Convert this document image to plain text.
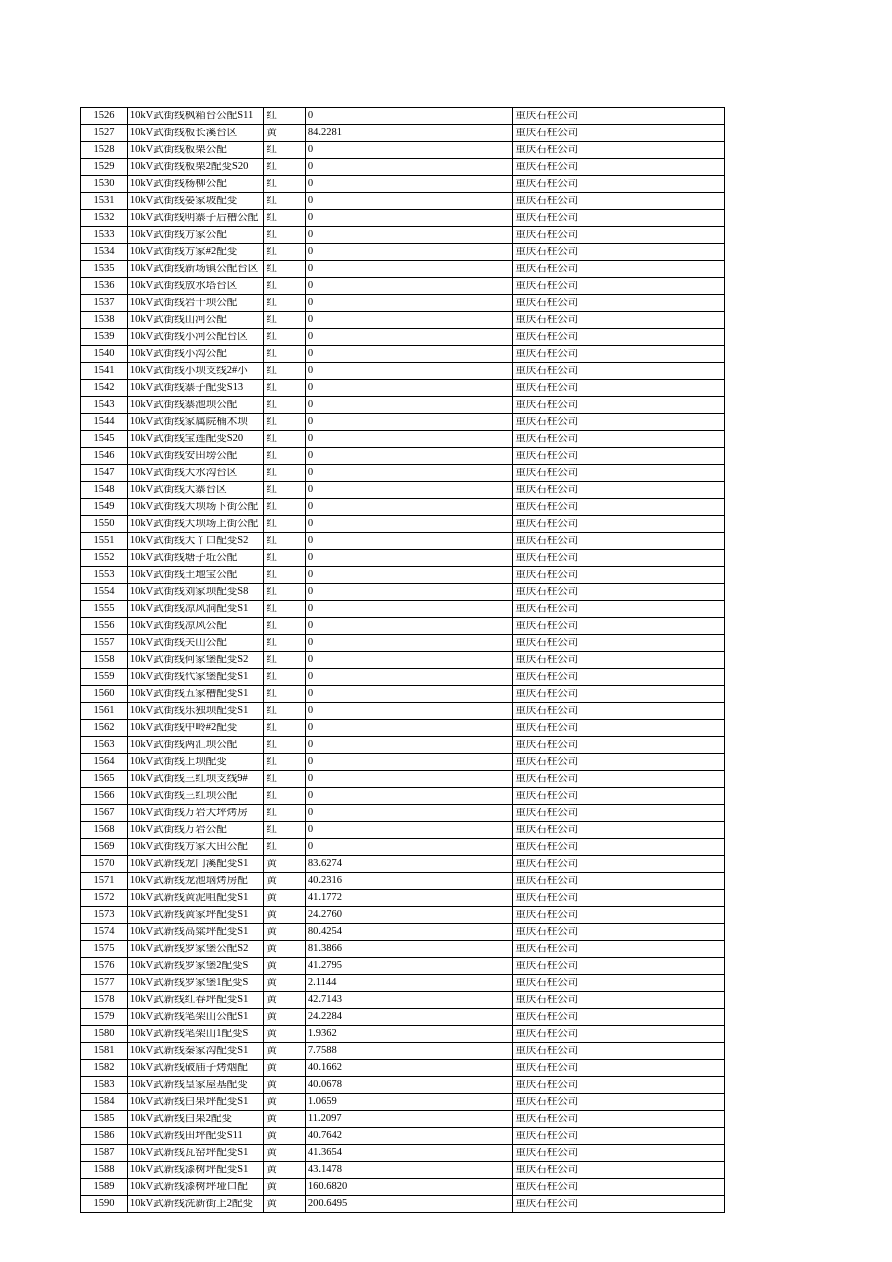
1526	10kV武街线枫箱台公配S11	红	0	重庆石柱公司

1527	10kV武街线板长溪台区	黄	84.2281	重庆石柱公司

1528	10kV武街线板栗公配	红	0	重庆石柱公司

1529	10kV武街线板栗2配变S20	红	0	重庆石柱公司

1530	10kV武街线杨柳公配	红	0	重庆石柱公司

1531	10kV武街线晏家坡配变	红	0	重庆石柱公司

1532	10kV武街线明寨子后槽公配	红	0	重庆石柱公司

1533	10kV武街线方家公配	红	0	重庆石柱公司

1534	10kV武街线方家#2配变	红	0	重庆石柱公司

1535	10kV武街线新场镇公配台区	红	0	重庆石柱公司

1536	10kV武街线放水塔台区	红	0	重庆石柱公司

1537	10kV武街线岩干坝公配	红	0	重庆石柱公司

1538	10kV武街线山河公配	红	0	重庆石柱公司

1539	10kV武街线小河公配台区	红	0	重庆石柱公司

1540	10kV武街线小沟公配	红	0	重庆石柱公司

1541	10kV武街线小坝支线2#小	红	0	重庆石柱公司

1542	10kV武街线寨子配变S13	红	0	重庆石柱公司

1543	10kV武街线寨池坝公配	红	0	重庆石柱公司

1544	10kV武街线家属院楠木坝	红	0	重庆石柱公司

1545	10kV武街线宝莲配变S20	红	0	重庆石柱公司

1546	10kV武街线安田塝公配	红	0	重庆石柱公司

1547	10kV武街线大水沟台区	红	0	重庆石柱公司

1548	10kV武街线大寨台区	红	0	重庆石柱公司

1549	10kV武街线大坝场下街公配	红	0	重庆石柱公司

1550	10kV武街线大坝场上街公配	红	0	重庆石柱公司

1551	10kV武街线大丫口配变S2	红	0	重庆石柱公司

1552	10kV武街线塘子坵公配	红	0	重庆石柱公司

1553	10kV武街线土地宝公配	红	0	重庆石柱公司

1554	10kV武街线刘家坝配变S8	红	0	重庆石柱公司

1555	10kV武街线凉风洞配变S1	红	0	重庆石柱公司

1556	10kV武街线凉风公配	红	0	重庆石柱公司

1557	10kV武街线关山公配	红	0	重庆石柱公司

1558	10kV武街线何家堡配变S2	红	0	重庆石柱公司

1559	10kV武街线代家堡配变S1	红	0	重庆石柱公司

1560	10kV武街线五家槽配变S1	红	0	重庆石柱公司

1561	10kV武街线乐独坝配变S1	红	0	重庆石柱公司

1562	10kV武街线中岭#2配变	红	0	重庆石柱公司

1563	10kV武街线两汇坝公配	红	0	重庆石柱公司

1564	10kV武街线上坝配变	红	0	重庆石柱公司

1565	10kV武街线三红坝支线9#	红	0	重庆石柱公司

1566	10kV武街线三红坝公配	红	0	重庆石柱公司

1567	10kV武街线万岩大坪烤房	红	0	重庆石柱公司

1568	10kV武街线万岩公配	红	0	重庆石柱公司

1569	10kV武街线方家大田公配	红	0	重庆石柱公司

1570	10kV武新线龙门溪配变S1	黄	83.6274	重庆石柱公司

1571	10kV武新线龙池垴烤房配	黄	40.2316	重庆石柱公司

1572	10kV武新线黄泥咀配变S1	黄	41.1772	重庆石柱公司

1573	10kV武新线黄家坪配变S1	黄	24.2760	重庆石柱公司

1574	10kV武新线高粱坪配变S1	黄	80.4254	重庆石柱公司

1575	10kV武新线罗家堡公配S2	黄	81.3866	重庆石柱公司

1576	10kV武新线罗家堡2配变S	黄	41.2795	重庆石柱公司

1577	10kV武新线罗家堡1配变S	黄	2.1144	重庆石柱公司

1578	10kV武新线红春坪配变S1	黄	42.7143	重庆石柱公司

1579	10kV武新线笔架山公配S1	黄	24.2284	重庆石柱公司

1580	10kV武新线笔架山1配变S	黄	1.9362	重庆石柱公司

1581	10kV武新线秦家沟配变S1	黄	7.7588	重庆石柱公司

1582	10kV武新线破庙子烤烟配	黄	40.1662	重庆石柱公司

1583	10kV武新线皇家屋基配变	黄	40.0678	重庆石柱公司

1584	10kV武新线白果坪配变S1	黄	1.0659	重庆石柱公司

1585	10kV武新线白果2配变	黄	11.2097	重庆石柱公司

1586	10kV武新线田坪配变S11	黄	40.7642	重庆石柱公司

1587	10kV武新线瓦窑坪配变S1	黄	41.3654	重庆石柱公司

1588	10kV武新线漆树坪配变S1	黄	43.1478	重庆石柱公司

1589	10kV武新线漆树坪垭口配	黄	160.6820	重庆石柱公司

1590	10kV武新线洗新街上2配变	黄	200.6495	重庆石柱公司
